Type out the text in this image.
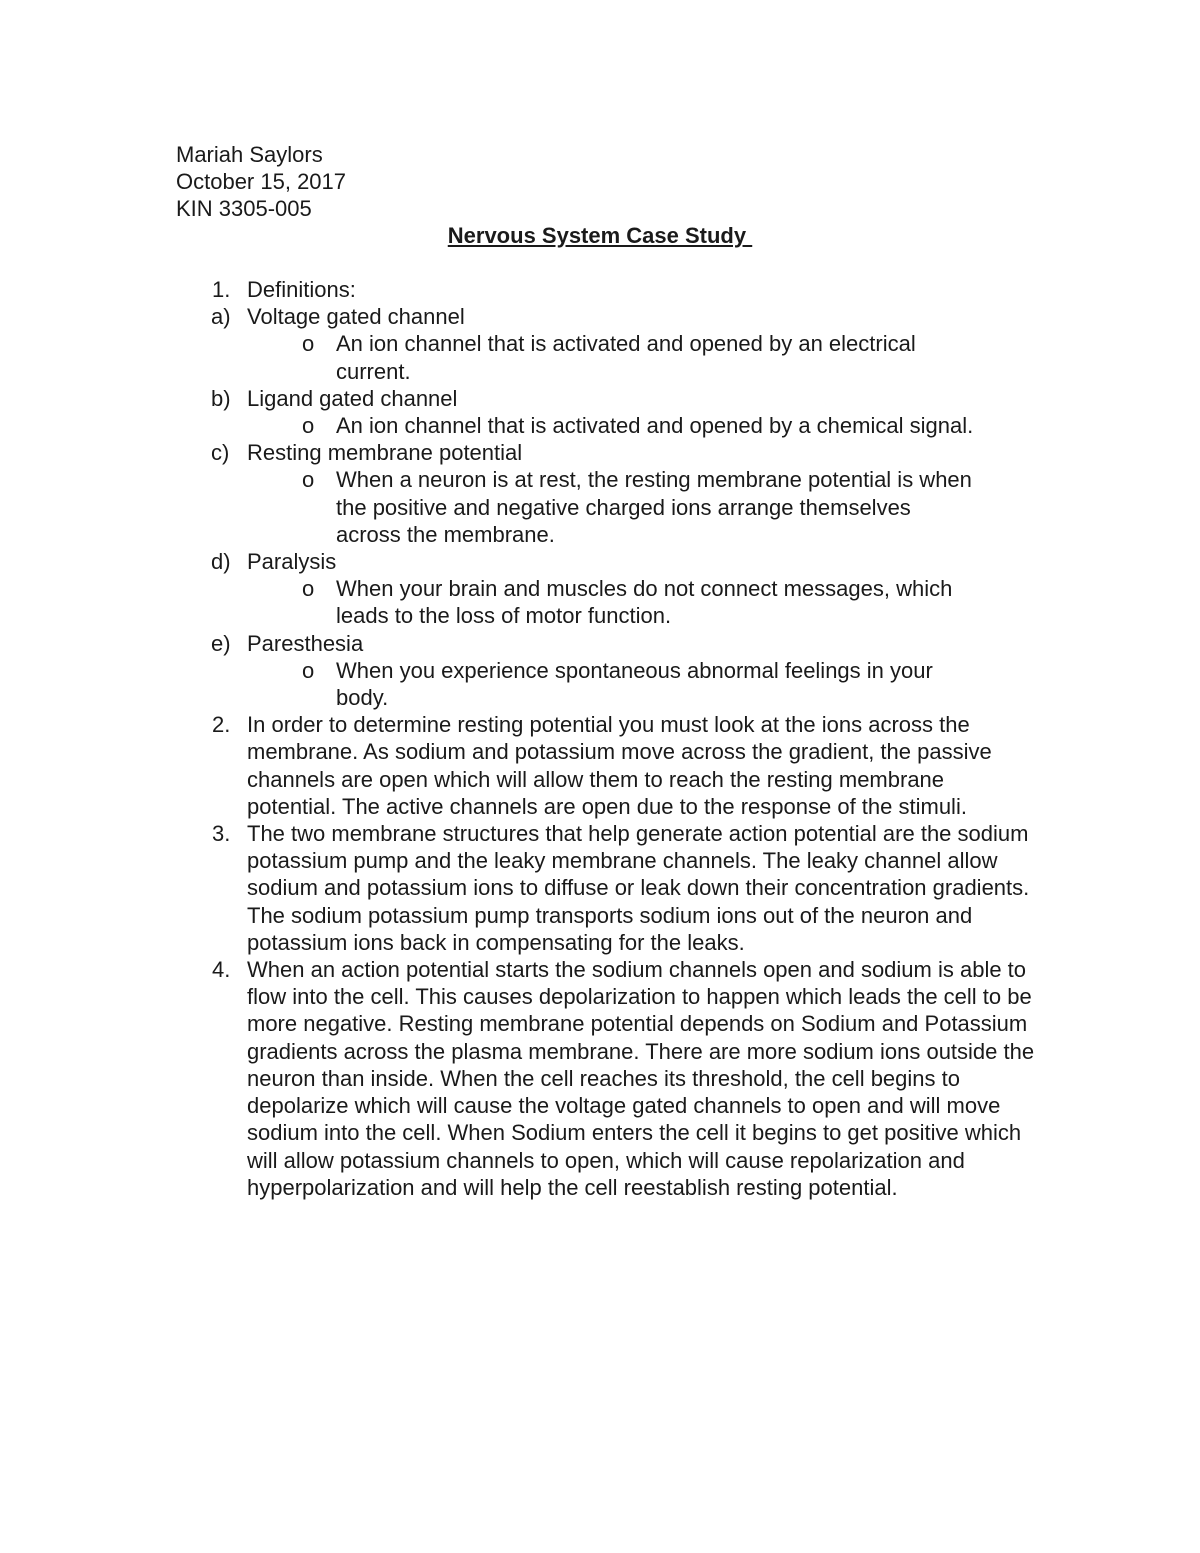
Mariah Saylors
October 15, 2017
KIN 3305-005
Nervous System Case Study
1. Definitions:
a) Voltage gated channel
o An ion channel that is activated and opened by an electrical current.
b) Ligand gated channel
o An ion channel that is activated and opened by a chemical signal.
c) Resting membrane potential
o When a neuron is at rest, the resting membrane potential is when the positive and negative charged ions arrange themselves across the membrane.
d) Paralysis
o When your brain and muscles do not connect messages, which leads to the loss of motor function.
e) Paresthesia
o When you experience spontaneous abnormal feelings in your body.
2. In order to determine resting potential you must look at the ions across the membrane. As sodium and potassium move across the gradient, the passive channels are open which will allow them to reach the resting membrane potential. The active channels are open due to the response of the stimuli.
3. The two membrane structures that help generate action potential are the sodium potassium pump and the leaky membrane channels. The leaky channel allow sodium and potassium ions to diffuse or leak down their concentration gradients. The sodium potassium pump transports sodium ions out of the neuron and potassium ions back in compensating for the leaks.
4. When an action potential starts the sodium channels open and sodium is able to flow into the cell. This causes depolarization to happen which leads the cell to be more negative. Resting membrane potential depends on Sodium and Potassium gradients across the plasma membrane. There are more sodium ions outside the neuron than inside. When the cell reaches its threshold, the cell begins to depolarize which will cause the voltage gated channels to open and will move sodium into the cell. When Sodium enters the cell it begins to get positive which will allow potassium channels to open, which will cause repolarization and hyperpolarization and will help the cell reestablish resting potential.
